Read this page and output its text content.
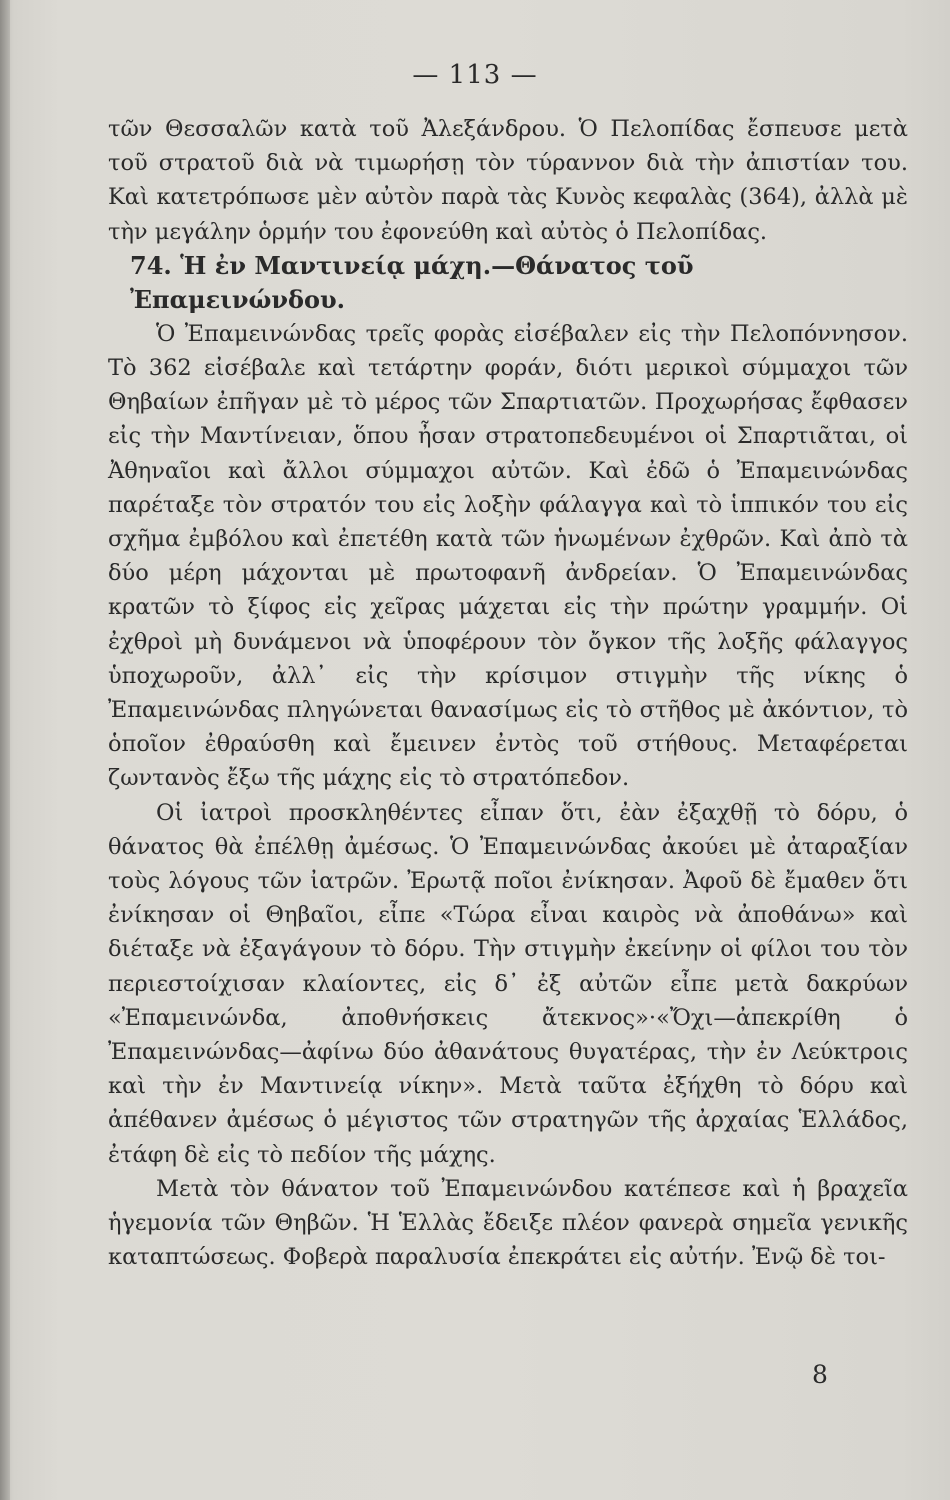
— 113 —

τῶν Θεσσαλῶν κατὰ τοῦ Ἀλεξάνδρου. Ὁ Πελοπίδας ἔσπευσε μετὰ τοῦ στρατοῦ διὰ νὰ τιμωρήσῃ τὸν τύραννον διὰ τὴν ἀπιστίαν του. Καὶ κατετρόπωσε μὲν αὐτὸν παρὰ τὰς Κυνὸς κεφαλὰς (364), ἀλλὰ μὲ τὴν μεγάλην ὁρμήν του ἐφονεύθη καὶ αὐτὸς ὁ Πελοπίδας.

74. Ἡ ἐν Μαντινείᾳ μάχη.—Θάνατος τοῦ Ἐπαμεινώνδου.

Ὁ Ἐπαμεινώνδας τρεῖς φορὰς εἰσέβαλεν εἰς τὴν Πελοπόννησον. Τὸ 362 εἰσέβαλε καὶ τετάρτην φοράν, διότι μερικοὶ σύμμαχοι τῶν Θηβαίων ἐπῆγαν μὲ τὸ μέρος τῶν Σπαρτιατῶν. Προχωρήσας ἔφθασεν εἰς τὴν Μαντίνειαν, ὅπου ἦσαν στρατοπεδευμένοι οἱ Σπαρτιᾶται, οἱ Ἀθηναῖοι καὶ ἄλλοι σύμμαχοι αὐτῶν. Καὶ ἐδῶ ὁ Ἐπαμεινώνδας παρέταξε τὸν στρατόν του εἰς λοξὴν φάλαγγα καὶ τὸ ἱππικόν του εἰς σχῆμα ἐμβόλου καὶ ἐπετέθη κατὰ τῶν ἡνωμένων ἐχθρῶν. Καὶ ἀπὸ τὰ δύο μέρη μάχονται μὲ πρωτοφανῆ ἀνδρείαν. Ὁ Ἐπαμεινώνδας κρατῶν τὸ ξίφος εἰς χεῖρας μάχεται εἰς τὴν πρώτην γραμμήν. Οἱ ἐχθροὶ μὴ δυνάμενοι νὰ ὑποφέρουν τὸν ὄγκον τῆς λοξῆς φάλαγγος ὑποχωροῦν, ἀλλ᾽ εἰς τὴν κρίσιμον στιγμὴν τῆς νίκης ὁ Ἐπαμεινώνδας πληγώνεται θανασίμως εἰς τὸ στῆθος μὲ ἀκόντιον, τὸ ὁποῖον ἐθραύσθη καὶ ἔμεινεν ἐντὸς τοῦ στήθους. Μεταφέρεται ζωντανὸς ἔξω τῆς μάχης εἰς τὸ στρατόπεδον.

Οἱ ἰατροὶ προσκληθέντες εἶπαν ὅτι, ἐὰν ἐξαχθῇ τὸ δόρυ, ὁ θάνατος θὰ ἐπέλθῃ ἀμέσως. Ὁ Ἐπαμεινώνδας ἀκούει μὲ ἀταραξίαν τοὺς λόγους τῶν ἰατρῶν. Ἐρωτᾷ ποῖοι ἐνίκησαν. Ἀφοῦ δὲ ἔμαθεν ὅτι ἐνίκησαν οἱ Θηβαῖοι, εἶπε «Τώρα εἶναι καιρὸς νὰ ἀποθάνω» καὶ διέταξε νὰ ἐξαγάγουν τὸ δόρυ. Τὴν στιγμὴν ἐκείνην οἱ φίλοι του τὸν περιεστοίχισαν κλαίοντες, εἰς δ᾽ ἐξ αὐτῶν εἶπε μετὰ δακρύων «Ἐπαμεινώνδα, ἀποθνήσκεις ἄτεκνος»·«Ὄχι—ἀπεκρίθη ὁ Ἐπαμεινώνδας—ἀφίνω δύο ἀθανάτους θυγατέρας, τὴν ἐν Λεύκτροις καὶ τὴν ἐν Μαντινείᾳ νίκην». Μετὰ ταῦτα ἐξήχθη τὸ δόρυ καὶ ἀπέθανεν ἀμέσως ὁ μέγιστος τῶν στρατηγῶν τῆς ἀρχαίας Ἑλλάδος, ἐτάφη δὲ εἰς τὸ πεδίον τῆς μάχης.

Μετὰ τὸν θάνατον τοῦ Ἐπαμεινώνδου κατέπεσε καὶ ἡ βραχεῖα ἡγεμονία τῶν Θηβῶν. Ἡ Ἑλλὰς ἔδειξε πλέον φανερὰ σημεῖα γενικῆς καταπτώσεως. Φοβερὰ παραλυσία ἐπεκράτει εἰς αὐτήν. Ἐνῷ δὲ τοι-

8
